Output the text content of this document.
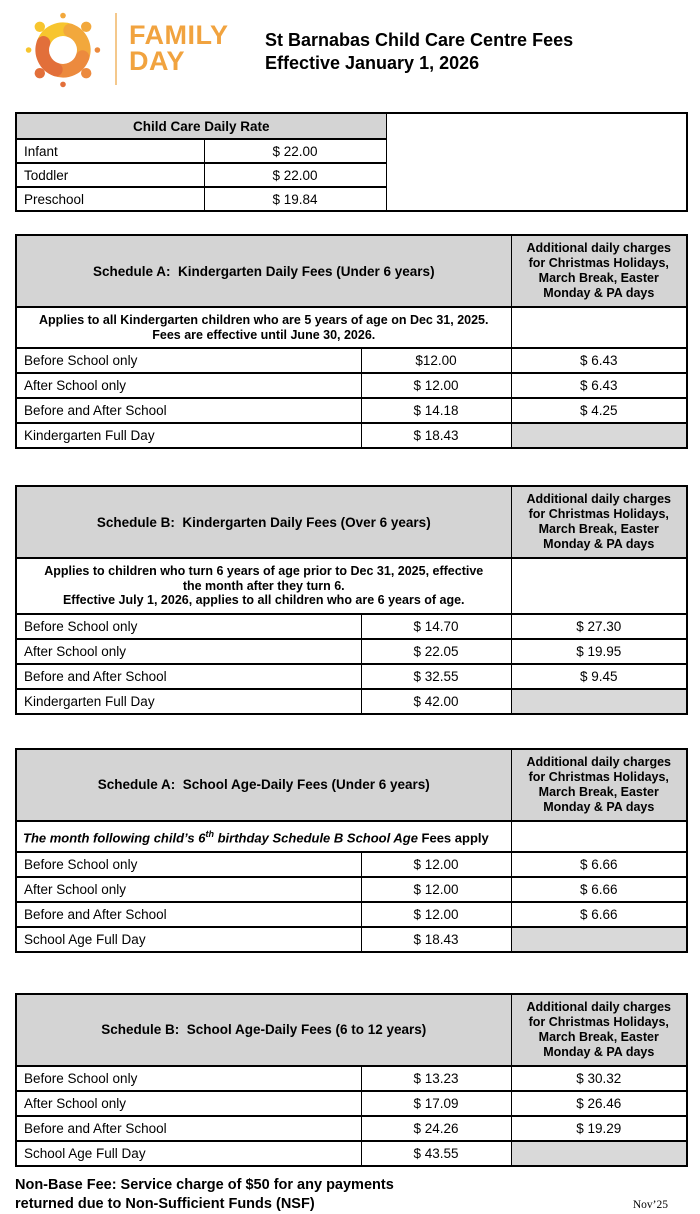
FAMILY
DAY
St Barnabas Child Care Centre Fees
Effective January 1, 2026
Child Care Daily Rate		
Infant	$ 22.00	
Toddler	$ 22.00	
Preschool	$ 19.84	
Schedule A:  Kindergarten Daily Fees (Under 6 years)		Additional daily charges for Christmas Holidays, March Break, Easter Monday & PA days

Applies to all Kindergarten children who are 5 years of age on Dec 31, 2025.
Fees are effective until June 30, 2026.		

Before School only	$12.00	$ 6.43
After School only	$ 12.00	$ 6.43
Before and After School	$ 14.18	$ 4.25
Kindergarten Full Day	$ 18.43	
Schedule B:  Kindergarten Daily Fees (Over 6 years)		Additional daily charges for Christmas Holidays, March Break, Easter Monday & PA days

Applies to children who turn 6 years of age prior to Dec 31, 2025, effective
the month after they turn 6.
Effective July 1, 2026, applies to all children who are 6 years of age.		

Before School only	$ 14.70	$ 27.30
After School only	$ 22.05	$ 19.95
Before and After School	$ 32.55	$ 9.45
Kindergarten Full Day	$ 42.00	
Schedule A:  School Age-Daily Fees (Under 6 years)		Additional daily charges for Christmas Holidays, March Break, Easter Monday & PA days
The month following child’s 6th birthday Schedule B School Age Fees apply		
Before School only	$ 12.00	$ 6.66
After School only	$ 12.00	$ 6.66
Before and After School	$ 12.00	$ 6.66
School Age Full Day	$ 18.43	
Schedule B:  School Age-Daily Fees (6 to 12 years)		Additional daily charges for Christmas Holidays, March Break, Easter Monday & PA days
Before School only	$ 13.23	$ 30.32
After School only	$ 17.09	$ 26.46
Before and After School	$ 24.26	$ 19.29
School Age Full Day	$ 43.55	
Non-Base Fee: Service charge of $50 for any payments
returned due to Non-Sufficient Funds (NSF)	Nov’25
